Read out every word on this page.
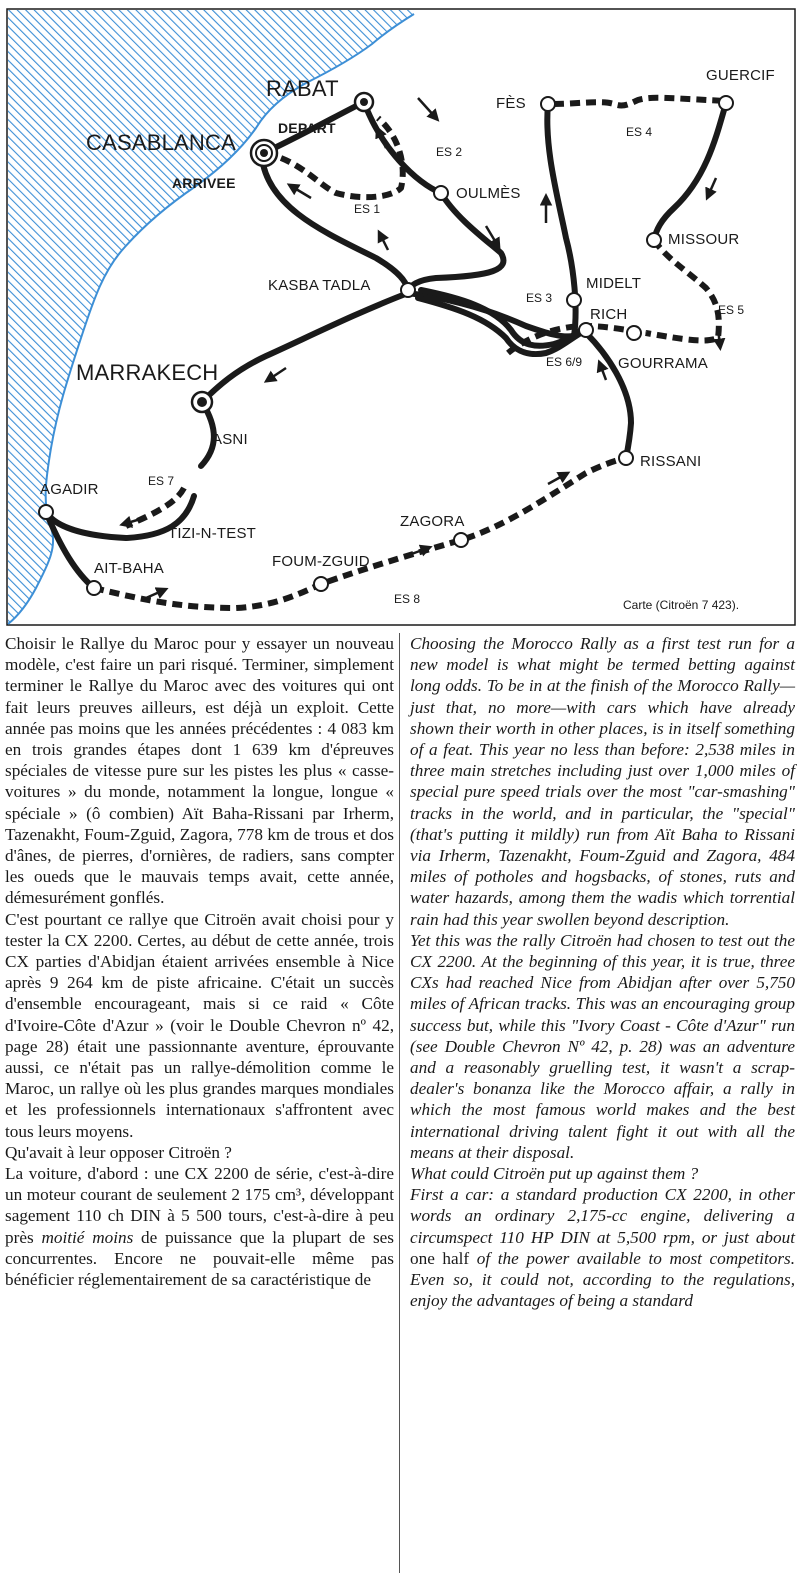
RABAT
CASABLANCA
DEPART
ARRIVEE
FÈS
GUERCIF
OULMÈS
MISSOUR
MIDELT
RICH
GOURRAMA
KASBA TADLA
MARRAKECH
ASNI
RISSANI
AGADIR
TIZI-N-TEST
ZAGORA
FOUM-ZGUID
AIT-BAHA
ES 1
ES 2
ES 3
ES 4
ES 5
ES 6/9
ES 7
ES 8	Carte (Citroën 7 423).

Choisir le Rallye du Maroc pour y essayer un nouveau modèle, c'est faire un pari risqué. Terminer, simplement terminer le Rallye du Maroc avec des voitures qui ont fait leurs preuves ailleurs, est déjà un exploit. Cette année pas moins que les années précédentes : 4 083 km en trois grandes étapes dont 1 639 km d'épreuves spéciales de vitesse pure sur les pistes les plus « casse-voitures » du monde, notamment la longue, longue « spéciale » (ô combien) Aït Baha-Rissani par Irherm, Tazenakht, Foum-Zguid, Zagora, 778 km de trous et dos d'ânes, de pierres, d'ornières, de radiers, sans compter les oueds que le mauvais temps avait, cette année, démesurément gonflés.

C'est pourtant ce rallye que Citroën avait choisi pour y tester la CX 2200. Certes, au début de cette année, trois CX parties d'Abidjan étaient arrivées ensemble à Nice après 9 264 km de piste africaine. C'était un succès d'ensemble encourageant, mais si ce raid « Côte d'Ivoire-Côte d'Azur » (voir le Double Chevron nº 42, page 28) était une passionnante aventure, éprouvante aussi, ce n'était pas un rallye-démolition comme le Maroc, un rallye où les plus grandes marques mondiales et les professionnels internationaux s'affrontent avec tous leurs moyens.

Qu'avait à leur opposer Citroën ?

La voiture, d'abord : une CX 2200 de série, c'est-à-dire un moteur courant de seulement 2 175 cm³, développant sagement 110 ch DIN à 5 500 tours, c'est-à-dire à peu près moitié moins de puissance que la plupart de ses concurrentes. Encore ne pouvait-elle même pas bénéficier réglementairement de sa caractéristique de

Choosing the Morocco Rally as a first test run for a new model is what might be termed betting against long odds. To be in at the finish of the Morocco Rally—just that, no more—with cars which have already shown their worth in other places, is in itself something of a feat. This year no less than before: 2,538 miles in three main stretches including just over 1,000 miles of special pure speed trials over the most "car-smashing" tracks in the world, and in particular, the "special" (that's putting it mildly) run from Aït Baha to Rissani via Irherm, Tazenakht, Foum-Zguid and Zagora, 484 miles of potholes and hogsbacks, of stones, ruts and water hazards, among them the wadis which torrential rain had this year swollen beyond description.

Yet this was the rally Citroën had chosen to test out the CX 2200. At the beginning of this year, it is true, three CXs had reached Nice from Abidjan after over 5,750 miles of African tracks. This was an encouraging group success but, while this "Ivory Coast - Côte d'Azur" run (see Double Chevron Nº 42, p. 28) was an adventure and a reasonably gruelling test, it wasn't a scrap-dealer's bonanza like the Morocco affair, a rally in which the most famous world makes and the best international driving talent fight it out with all the means at their disposal.

What could Citroën put up against them ?

First a car: a standard production CX 2200, in other words an ordinary 2,175-cc engine, delivering a circumspect 110 HP DIN at 5,500 rpm, or just about one half of the power available to most competitors. Even so, it could not, according to the regulations, enjoy the advantages of being a standard
